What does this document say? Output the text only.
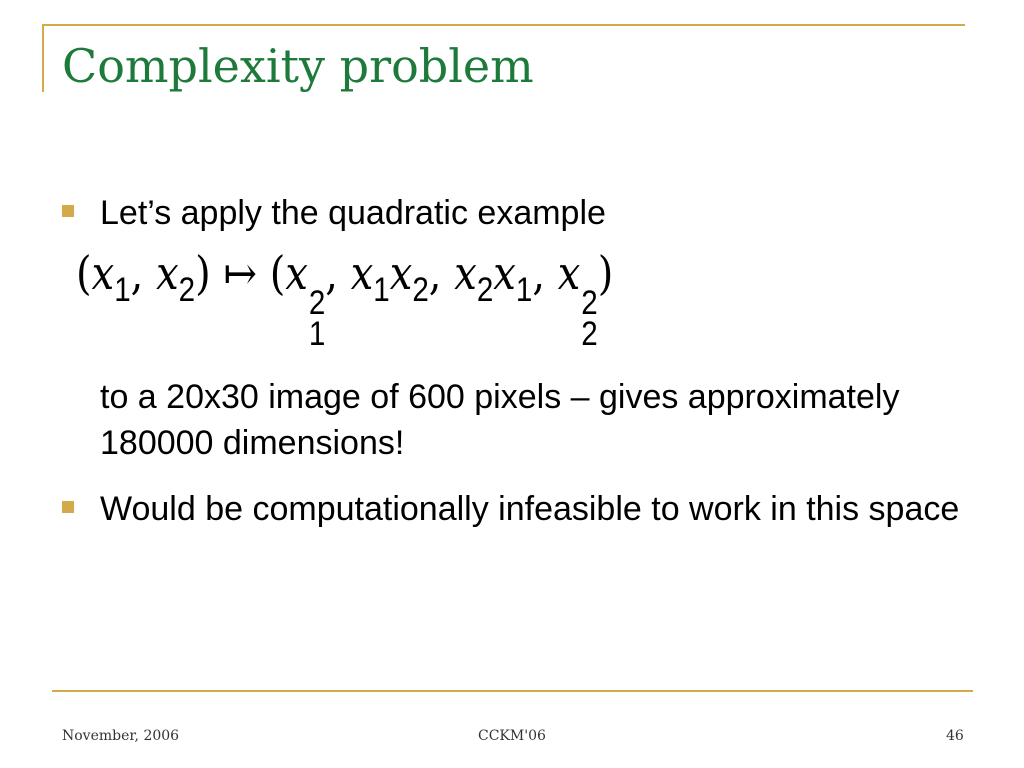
Complexity problem
Let’s apply the quadratic example
($x_1$, $x_2$) ↦ (x
2
1
, $x_1x_2$, $x_2x_1$, x
2
2
)
to a 20x30 image of 600 pixels – gives approximately 180000 dimensions!
Would be computationally infeasible to work in this space
November, 2006	CCKM'06	46
